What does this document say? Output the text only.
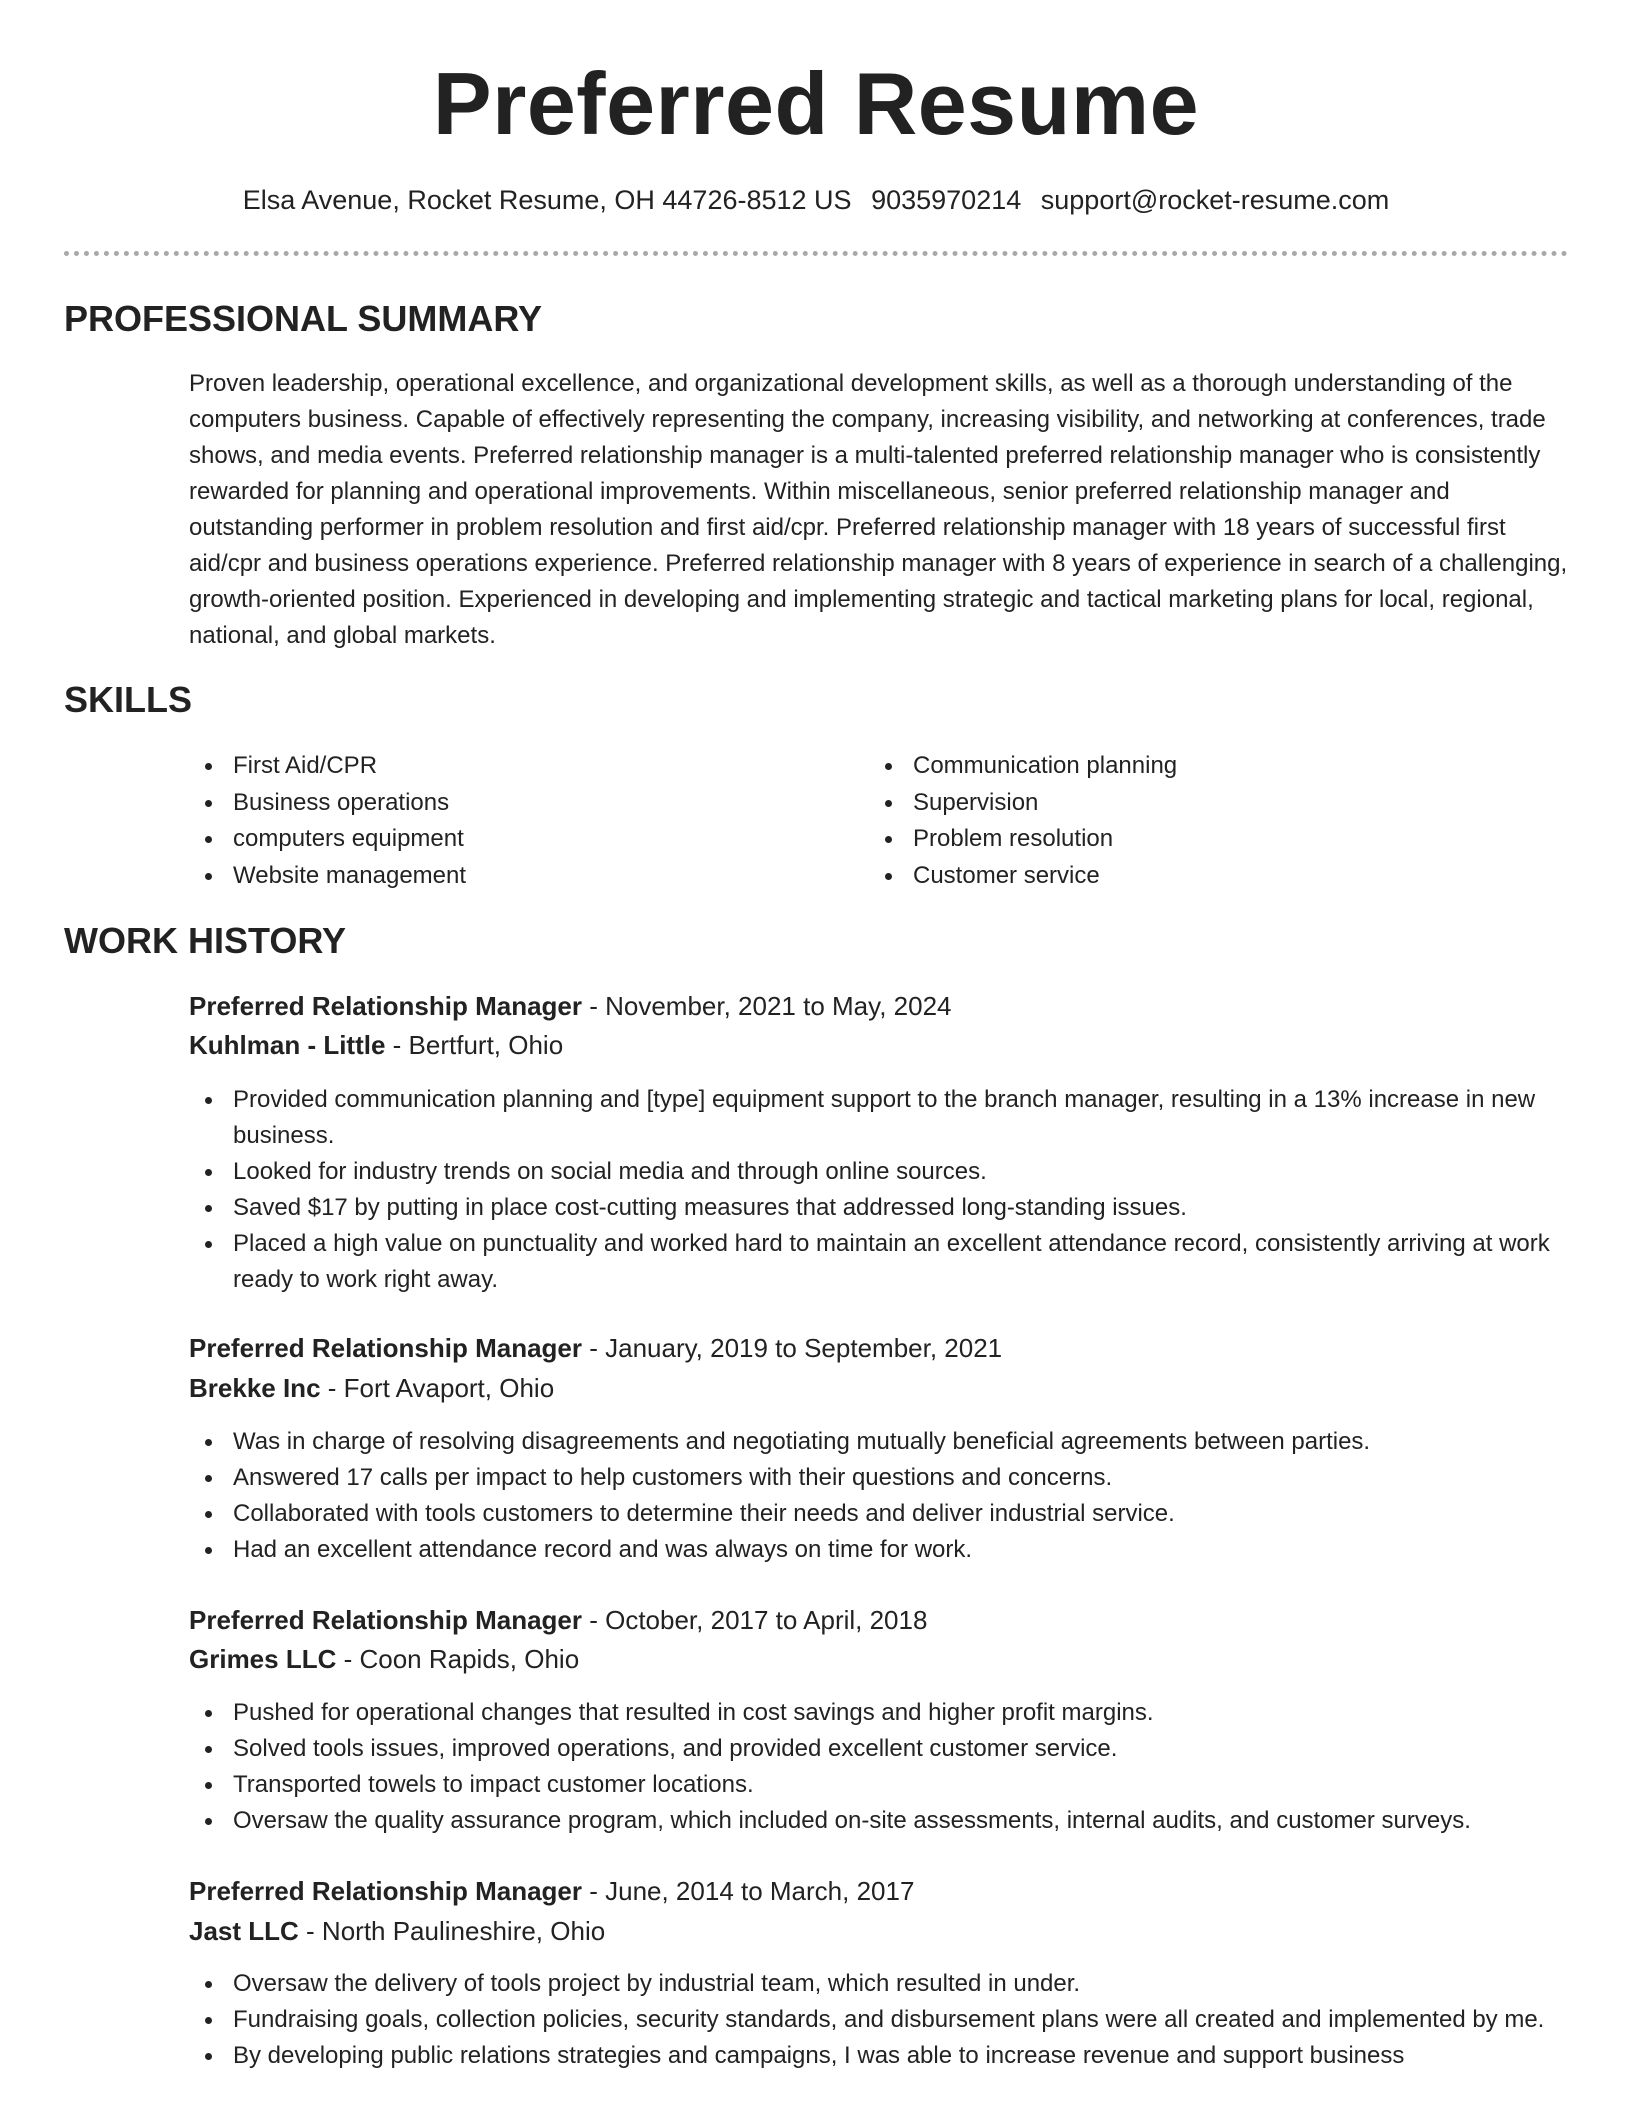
Preferred Resume
Elsa Avenue, Rocket Resume, OH 44726-8512 US 9035970214 support@rocket-resume.com
PROFESSIONAL SUMMARY

Proven leadership, operational excellence, and organizational development skills, as well as a thorough understanding of the computers business. Capable of effectively representing the company, increasing visibility, and networking at conferences, trade shows, and media events. Preferred relationship manager is a multi-talented preferred relationship manager who is consistently rewarded for planning and operational improvements. Within miscellaneous, senior preferred relationship manager and outstanding performer in problem resolution and first aid/cpr. Preferred relationship manager with 18 years of successful first aid/cpr and business operations experience. Preferred relationship manager with 8 years of experience in search of a challenging, growth-oriented position. Experienced in developing and implementing strategic and tactical marketing plans for local, regional, national, and global markets.

SKILLS
First Aid/CPR
Business operations
computers equipment
Website management
Communication planning
Supervision
Problem resolution
Customer service
WORK HISTORY
Preferred Relationship Manager - November, 2021 to May, 2024
Kuhlman - Little - Bertfurt, Ohio
Provided communication planning and [type] equipment support to the branch manager, resulting in a 13% increase in new business.
Looked for industry trends on social media and through online sources.
Saved $17 by putting in place cost-cutting measures that addressed long-standing issues.
Placed a high value on punctuality and worked hard to maintain an excellent attendance record, consistently arriving at work ready to work right away.
Preferred Relationship Manager - January, 2019 to September, 2021
Brekke Inc - Fort Avaport, Ohio
Was in charge of resolving disagreements and negotiating mutually beneficial agreements between parties.
Answered 17 calls per impact to help customers with their questions and concerns.
Collaborated with tools customers to determine their needs and deliver industrial service.
Had an excellent attendance record and was always on time for work.
Preferred Relationship Manager - October, 2017 to April, 2018
Grimes LLC - Coon Rapids, Ohio
Pushed for operational changes that resulted in cost savings and higher profit margins.
Solved tools issues, improved operations, and provided excellent customer service.
Transported towels to impact customer locations.
Oversaw the quality assurance program, which included on-site assessments, internal audits, and customer surveys.
Preferred Relationship Manager - June, 2014 to March, 2017
Jast LLC - North Paulineshire, Ohio
Oversaw the delivery of tools project by industrial team, which resulted in under.
Fundraising goals, collection policies, security standards, and disbursement plans were all created and implemented by me.
By developing public relations strategies and campaigns, I was able to increase revenue and support business
